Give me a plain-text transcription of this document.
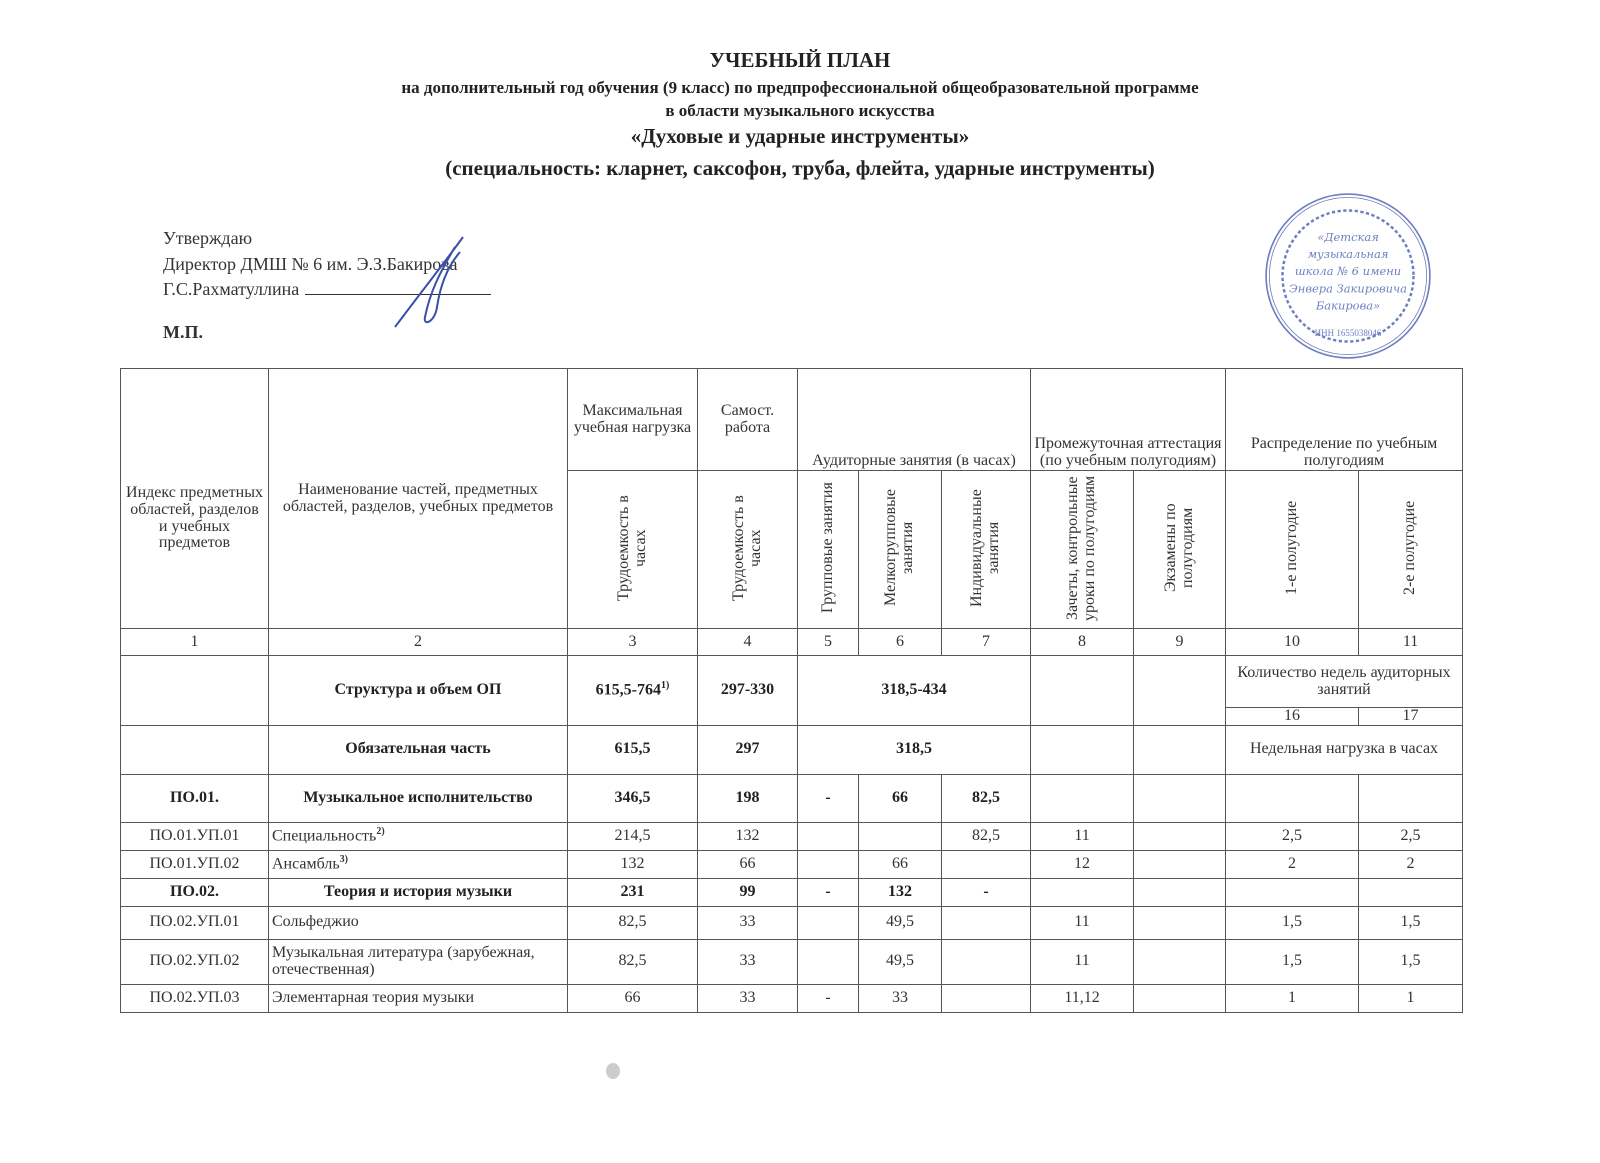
УЧЕБНЫЙ ПЛАН
на дополнительный год обучения (9 класс) по предпрофессиональной общеобразовательной программе
в области музыкального искусства
«Духовые и ударные инструменты»
(специальность: кларнет, саксофон, труба, флейта, ударные инструменты)
«Детская
музыкальная
школа № 6 имени
Энвера Закировича
Бакирова»
ИНН 1655038046
Утверждаю
Директор ДМШ № 6 им. Э.З.Бакирова
Г.С.Рахматуллина
М.П.
Индекс предметных областей, разделов и учебных предметов	Наименование частей, предметных областей, разделов, учебных предметов	Максимальная учебная нагрузка	Самост. работа	Аудиторные занятия (в часах)			Промежуточная аттестация (по учебным полугодиям)		Распределение по учебным полугодиям	

		Трудоемкость в часах	Трудоемкость в часах	Групповые занятия	Мелкогрупповые занятия	Индивидуальные занятия	Зачеты, контрольные уроки по полугодиям	Экзамены по полугодиям	1-е полугодие	2-е полугодие

1	2	3	4	5	6	7	8	9	10	11
	Структура и объем ОП	615,5-764$^{1)}$	297-330	318,5-434					Количество недель аудиторных занятий	
									16	17
	Обязательная часть	615,5	297	318,5					Недельная нагрузка в часах	
ПО.01.	Музыкальное исполнительство	346,5	198	-	66	82,5				
ПО.01.УП.01	Специальность$^{2)}$	214,5	132			82,5	11		2,5	2,5
ПО.01.УП.02	Ансамбль$^{3)}$	132	66		66		12		2	2
ПО.02.	Теория и история музыки	231	99	-	132	-				
ПО.02.УП.01	Сольфеджио	82,5	33		49,5		11		1,5	1,5
ПО.02.УП.02	Музыкальная литература (зарубежная, отечественная)	82,5	33		49,5		11		1,5	1,5
ПО.02.УП.03	Элементарная теория музыки	66	33	-	33		11,12		1	1
